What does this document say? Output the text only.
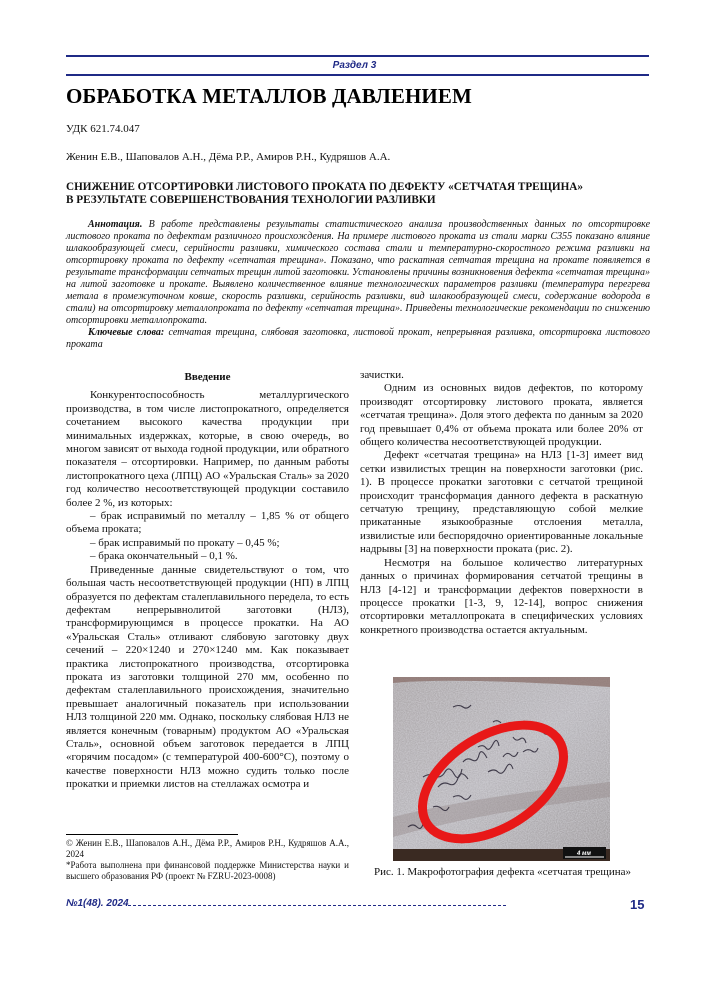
Раздел 3
ОБРАБОТКА МЕТАЛЛОВ ДАВЛЕНИЕМ
УДК 621.74.047
Женин Е.В., Шаповалов А.Н., Дёма Р.Р., Амиров Р.Н., Кудряшов А.А.
СНИЖЕНИЕ ОТСОРТИРОВКИ ЛИСТОВОГО ПРОКАТА ПО ДЕФЕКТУ «СЕТЧАТАЯ ТРЕЩИНА»
В РЕЗУЛЬТАТЕ СОВЕРШЕНСТВОВАНИЯ ТЕХНОЛОГИИ РАЗЛИВКИ

Аннотация. В работе представлены результаты статистического анализа производственных данных по отсортировке листового проката по дефектам различного происхождения. На примере листового проката из стали марки С355 показано влияние шлакообразующей смеси, серийности разливки, химического состава стали и температурно-скоростного режима разливки на отсортировку проката по дефекту «сетчатая трещина». Показано, что раскатная сетчатая трещина на прокате появляется в результате трансформации сетчатых трещин литой заготовки. Установлены причины возникновения дефекта «сетчатая трещина» на литой заготовке и прокате. Выявлено количественное влияние технологических параметров разливки (температура перегрева метала в промежуточном ковше, скорость разливки, серийность разливки, вид шлакообразующей смеси, содержание водорода в стали) на отсортировку металлопроката по дефекту «сетчатая трещина». Приведены технологические рекомендации по снижению отсортировки металлопроката.

Ключевые слова: сетчатая трещина, слябовая заготовка, листовой прокат, непрерывная разливка, отсортировка листового проката

Введение

Конкурентоспособность металлургического производства, в том числе листопрокатного, определяется сочетанием высокого качества продукции при минимальных издержках, которые, в свою очередь, во многом зависят от выхода годной продукции, или обратного показателя – отсортировки. Например, по данным работы листопрокатного цеха (ЛПЦ) АО «Уральская Сталь» за 2020 год количество несоответствующей продукции составило более 2 %, из которых:

– брак исправимый по металлу – 1,85 % от общего объема проката;

– брак исправимый по прокату – 0,45 %;

– брака окончательный – 0,1 %.

Приведенные данные свидетельствуют о том, что большая часть несоответствующей продукции (НП) в ЛПЦ образуется по дефектам сталеплавильного передела, то есть дефектам непрерывнолитой заготовки (НЛЗ), трансформирующимся в процессе прокатки. На АО «Уральская Сталь» отливают слябовую заготовку двух сечений – 220×1240 и 270×1240 мм. Как показывает практика листопрокатного производства, отсортировка проката из заготовки толщиной 270 мм, особенно по дефектам сталеплавильного происхождения, значительно превышает аналогичный показатель при использовании НЛЗ толщиной 220 мм. Однако, поскольку слябовая НЛЗ не является конечным (товарным) продуктом АО «Уральская Сталь», основной объем заготовок передается в ЛПЦ «горячим посадом» (с температурой 400-600°С), поэтому о качестве поверхности НЛЗ можно судить только после прокатки и приемки листов на стеллажах осмотра и

© Женин Е.В., Шаповалов А.Н., Дёма Р.Р., Амиров Р.Н., Кудряшов А.А., 2024

*Работа выполнена при финансовой поддержке Министерства науки и высшего образования РФ (проект № FZRU-2023-0008)

зачистки.

Одним из основных видов дефектов, по которому производят отсортировку листового проката, является «сетчатая трещина». Доля этого дефекта по данным за 2020 год превышает 0,4% от объема проката или более 20% от общего количества несоответствующей продукции.

Дефект «сетчатая трещина» на НЛЗ [1-3] имеет вид сетки извилистых трещин на поверхности заготовки (рис. 1). В процессе прокатки заготовки с сетчатой трещиной происходит трансформация данного дефекта в раскатную сетчатую трещину, представляющую собой мелкие прикатанные языкообразные отслоения металла, извилистые или беспорядочно ориентированные локальные надрывы [3] на поверхности проката (рис. 2).

Несмотря на большое количество литературных данных о причинах формирования сетчатой трещины в НЛЗ [4-12] и трансформации дефектов поверхности в процессе прокатки [1-3, 9, 12-14], вопрос снижения отсортировки металлопроката в специфических условиях конкретного производства остается актуальным.

4 мм
Рис. 1. Макрофотография дефекта «сетчатая трещина»
№1(48). 2024	15
